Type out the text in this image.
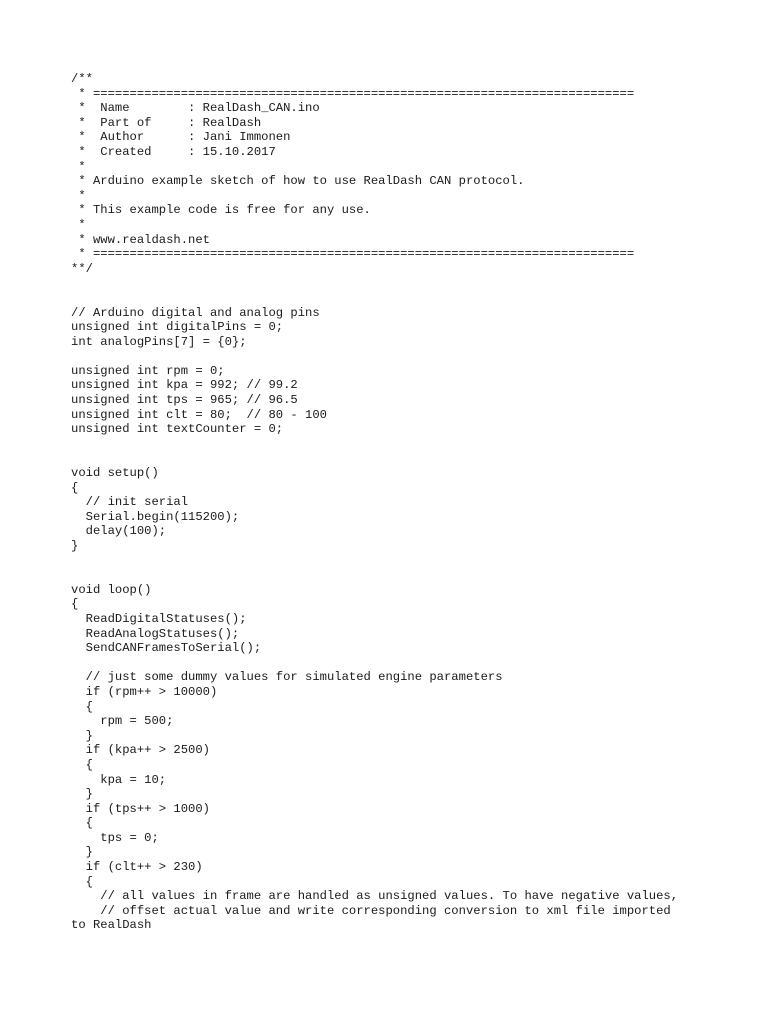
/**
* ==========================================================================
*  Name        : RealDash_CAN.ino
*  Part of     : RealDash
*  Author      : Jani Immonen
*  Created     : 15.10.2017
*
* Arduino example sketch of how to use RealDash CAN protocol.
*
* This example code is free for any use.
*
* www.realdash.net
* ==========================================================================
**/
// Arduino digital and analog pins
unsigned int digitalPins = 0;
int analogPins[7] = {0};
unsigned int rpm = 0;
unsigned int kpa = 992; // 99.2
unsigned int tps = 965; // 96.5
unsigned int clt = 80;  // 80 - 100
unsigned int textCounter = 0;
void setup()
{
// init serial
Serial.begin(115200);
delay(100);
}
void loop()
{
ReadDigitalStatuses();
ReadAnalogStatuses();
SendCANFramesToSerial();
// just some dummy values for simulated engine parameters
if (rpm++ > 10000)
{
rpm = 500;
}
if (kpa++ > 2500)
{
kpa = 10;
}
if (tps++ > 1000)
{
tps = 0;
}
if (clt++ > 230)
{
// all values in frame are handled as unsigned values. To have negative values,
// offset actual value and write corresponding conversion to xml file imported
to RealDash
